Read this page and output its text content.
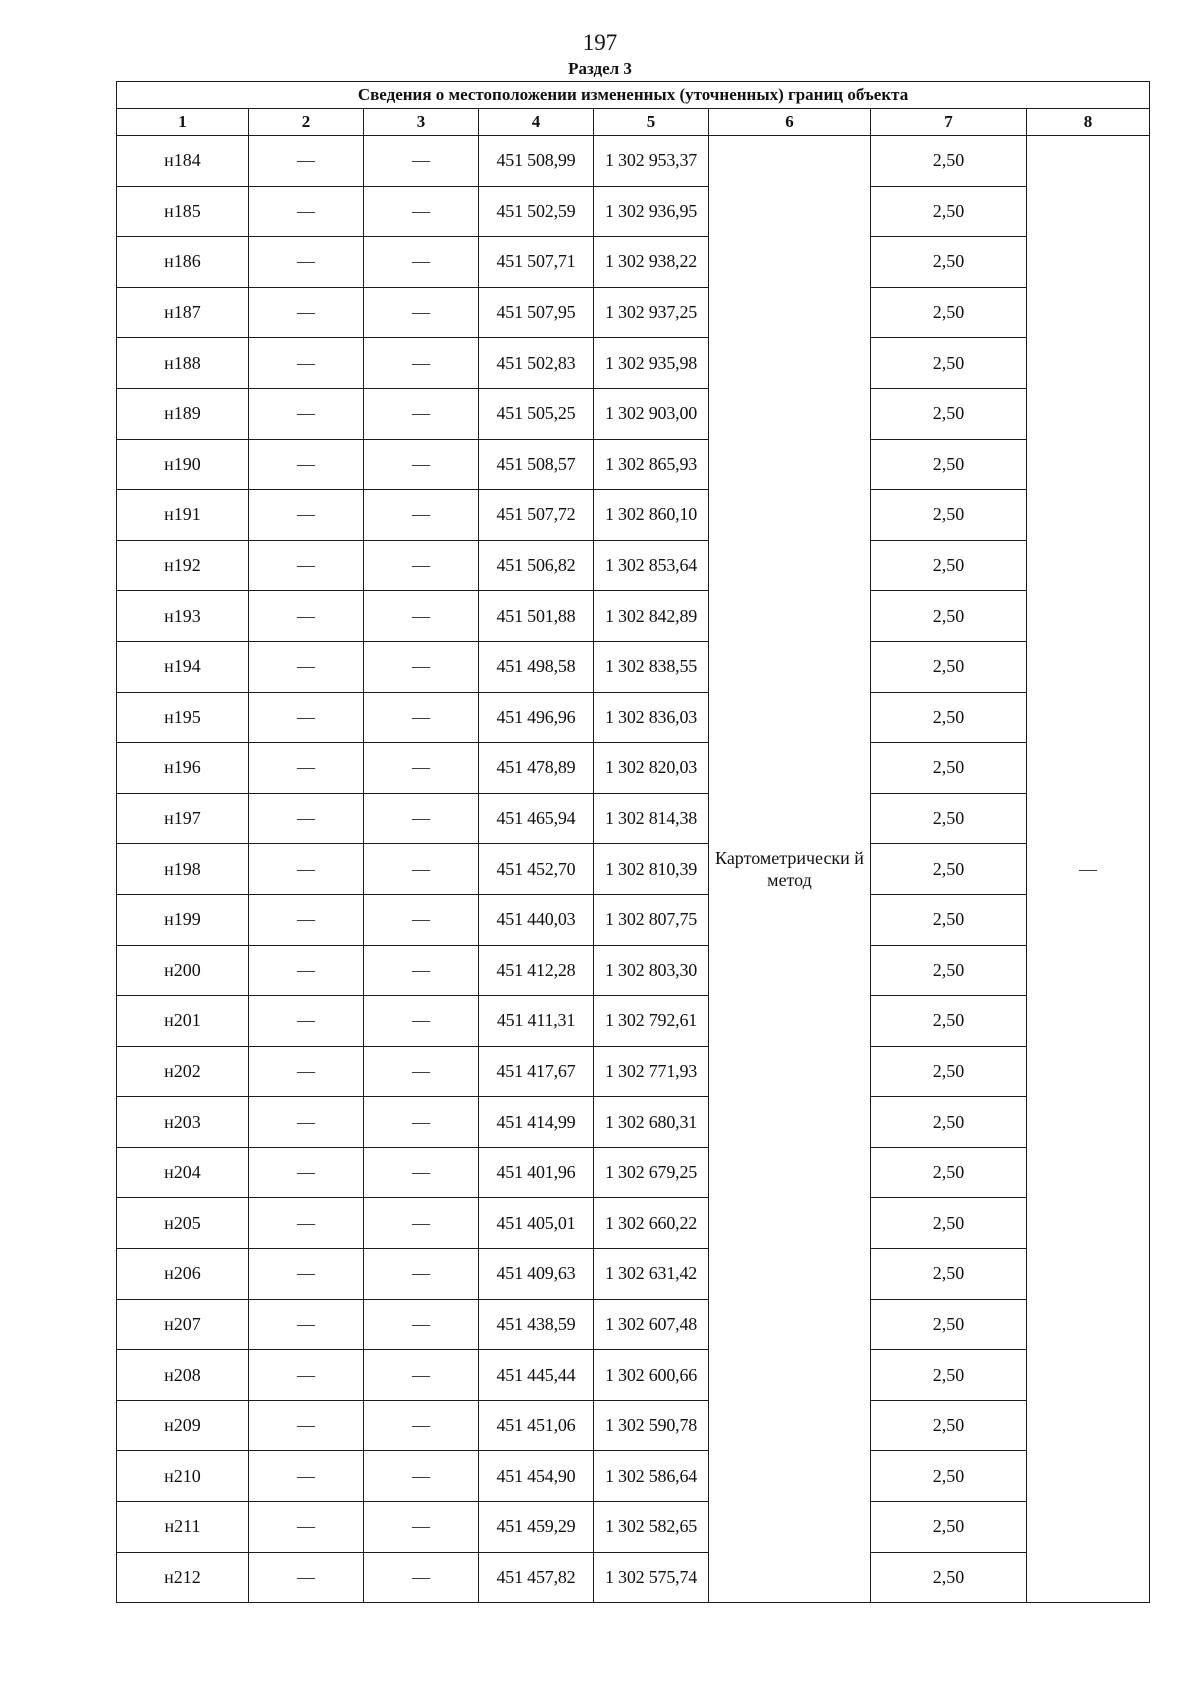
197
Раздел 3
Сведения о местоположении измененных (уточненных) границ объекта							
1	2	3	4	5	6	7	8
н184	—	—	451 508,99	1 302 953,37	Картометрически й метод	2,50	—
н185	—	—	451 502,59	1 302 936,95		2,50	
н186	—	—	451 507,71	1 302 938,22		2,50	
н187	—	—	451 507,95	1 302 937,25		2,50	
н188	—	—	451 502,83	1 302 935,98		2,50	
н189	—	—	451 505,25	1 302 903,00		2,50	
н190	—	—	451 508,57	1 302 865,93		2,50	
н191	—	—	451 507,72	1 302 860,10		2,50	
н192	—	—	451 506,82	1 302 853,64		2,50	
н193	—	—	451 501,88	1 302 842,89		2,50	
н194	—	—	451 498,58	1 302 838,55		2,50	
н195	—	—	451 496,96	1 302 836,03		2,50	
н196	—	—	451 478,89	1 302 820,03		2,50	
н197	—	—	451 465,94	1 302 814,38		2,50	
н198	—	—	451 452,70	1 302 810,39		2,50	
н199	—	—	451 440,03	1 302 807,75		2,50	
н200	—	—	451 412,28	1 302 803,30		2,50	
н201	—	—	451 411,31	1 302 792,61		2,50	
н202	—	—	451 417,67	1 302 771,93		2,50	
н203	—	—	451 414,99	1 302 680,31		2,50	
н204	—	—	451 401,96	1 302 679,25		2,50	
н205	—	—	451 405,01	1 302 660,22		2,50	
н206	—	—	451 409,63	1 302 631,42		2,50	
н207	—	—	451 438,59	1 302 607,48		2,50	
н208	—	—	451 445,44	1 302 600,66		2,50	
н209	—	—	451 451,06	1 302 590,78		2,50	
н210	—	—	451 454,90	1 302 586,64		2,50	
н211	—	—	451 459,29	1 302 582,65		2,50	
н212	—	—	451 457,82	1 302 575,74		2,50	
